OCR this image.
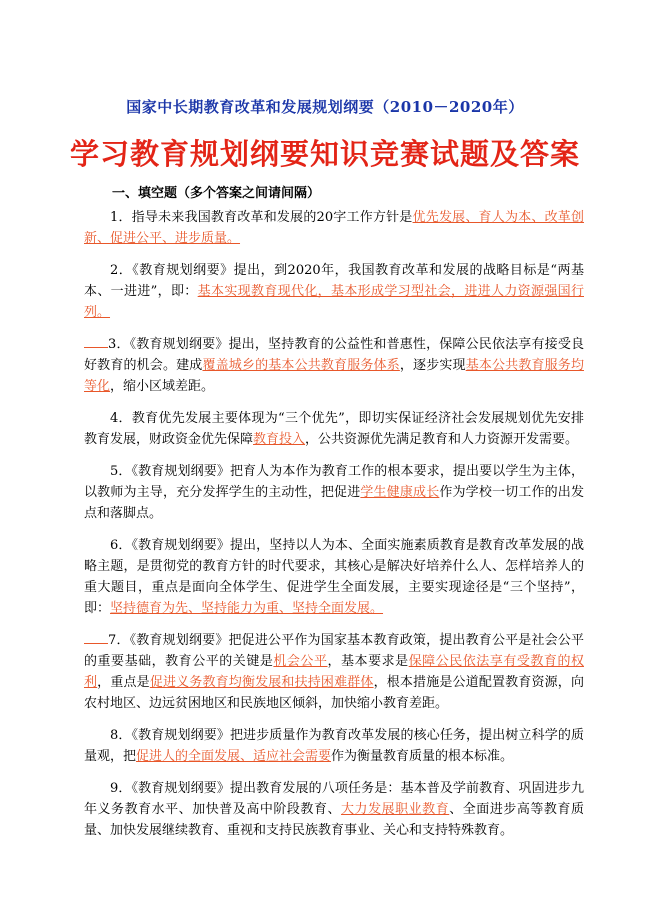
国家中长期教育改革和发展规划纲要（2010－2020年）
学习教育规划纲要知识竞赛试题及答案
一、填空题（多个答案之间请间隔）

1．指导未来我国教育改革和发展的20字工作方针是优先发展、育人为本、改革创新、促进公平、进步质量。

2．《教育规划纲要》提出，到2020年，我国教育改革和发展的战略目标是“两基本、一进进”，即：基本实现教育现代化，基本形成学习型社会，进进人力资源强国行列。

3．《教育规划纲要》提出，坚持教育的公益性和普惠性，保障公民依法享有接受良好教育的机会。建成覆盖城乡的基本公共教育服务体系，逐步实现基本公共教育服务均等化，缩小区域差距。

4．教育优先发展主要体现为“三个优先”，即切实保证经济社会发展规划优先安排教育发展，财政资金优先保障教育投入，公共资源优先满足教育和人力资源开发需要。

5．《教育规划纲要》把育人为本作为教育工作的根本要求，提出要以学生为主体，以教师为主导，充分发挥学生的主动性，把促进学生健康成长作为学校一切工作的出发点和落脚点。

6．《教育规划纲要》提出，坚持以人为本、全面实施素质教育是教育改革发展的战略主题，是贯彻党的教育方针的时代要求，其核心是解决好培养什么人、怎样培养人的重大题目，重点是面向全体学生、促进学生全面发展，主要实现途径是“三个坚持”，即：坚持德育为先、坚持能力为重、坚持全面发展。

7．《教育规划纲要》把促进公平作为国家基本教育政策，提出教育公平是社会公平的重要基础，教育公平的关键是机会公平，基本要求是保障公民依法享有受教育的权利，重点是促进义务教育均衡发展和扶持困难群体，根本措施是公道配置教育资源，向农村地区、边远贫困地区和民族地区倾斜，加快缩小教育差距。

8．《教育规划纲要》把进步质量作为教育改革发展的核心任务，提出树立科学的质量观，把促进人的全面发展、适应社会需要作为衡量教育质量的根本标准。

9．《教育规划纲要》提出教育发展的八项任务是：基本普及学前教育、巩固进步九年义务教育水平、加快普及高中阶段教育、大力发展职业教育、全面进步高等教育质量、加快发展继续教育、重视和支持民族教育事业、关心和支持特殊教育。
